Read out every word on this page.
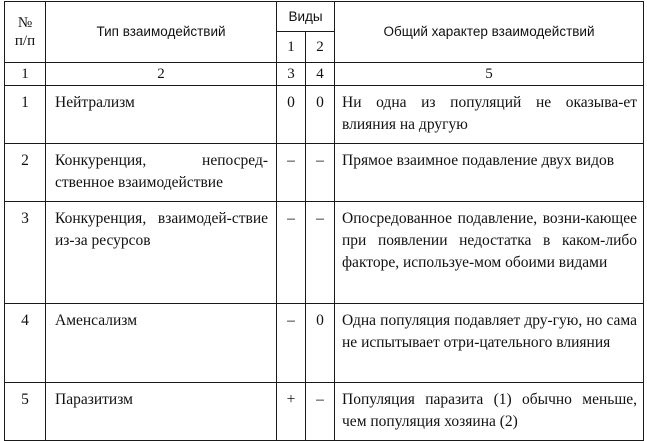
№ п/п	Тип взаимодействий	Виды		Общий характер взаимодействий
		1	2	
1	2	3	4	5
1	Нейтрализм	0	0	Ни одна из популяций не оказыва-ет влияния на другую
2	Конкуренция, непосред-ственное взаимодействие	–	–	Прямое взаимное подавление двух видов
3	Конкуренция, взаимодей-ствие из-за ресурсов	–	–	Опосредованное подавление, возни-кающее при появлении недостатка в каком-либо факторе, используе-мом обоими видами
4	Аменсализм	–	0	Одна популяция подавляет дру-гую, но сама не испытывает отри-цательного влияния
5	Паразитизм	+	–	Популяция паразита (1) обычно меньше, чем популяция хозяина (2)
